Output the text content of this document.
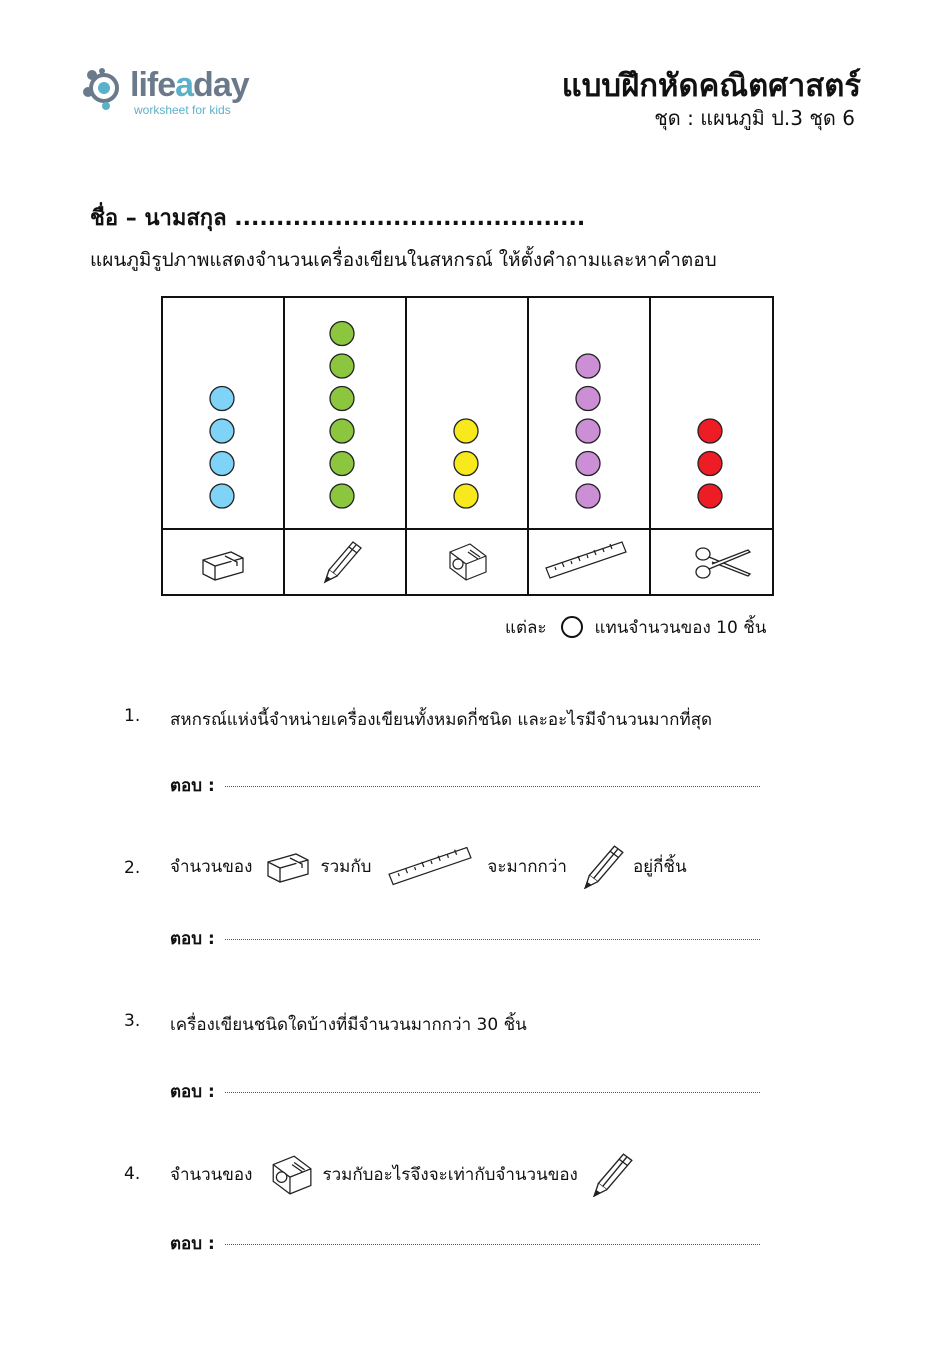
lifeaday
worksheet for kids
แบบฝึกหัดคณิตศาสตร์
ชุด : แผนภูมิ ป.3 ชุด 6
ชื่อ – นามสกุล ..........................................
แผนภูมิรูปภาพแสดงจำนวนเครื่องเขียนในสหกรณ์ ให้ตั้งคำถามและหาคำตอบ
แต่ละ	แทนจำนวนของ 10 ชิ้น
1. สหกรณ์แห่งนี้จำหน่ายเครื่องเขียนทั้งหมดกี่ชนิด และอะไรมีจำนวนมากที่สุด
ตอบ :
2. จำนวนของ	รวมกับ	จะมากกว่า	อยู่กี่ชิ้น
ตอบ :
3. เครื่องเขียนชนิดใดบ้างที่มีจำนวนมากกว่า 30 ชิ้น
ตอบ :
4. จำนวนของ	รวมกับอะไรจึงจะเท่ากับจำนวนของ
ตอบ :
